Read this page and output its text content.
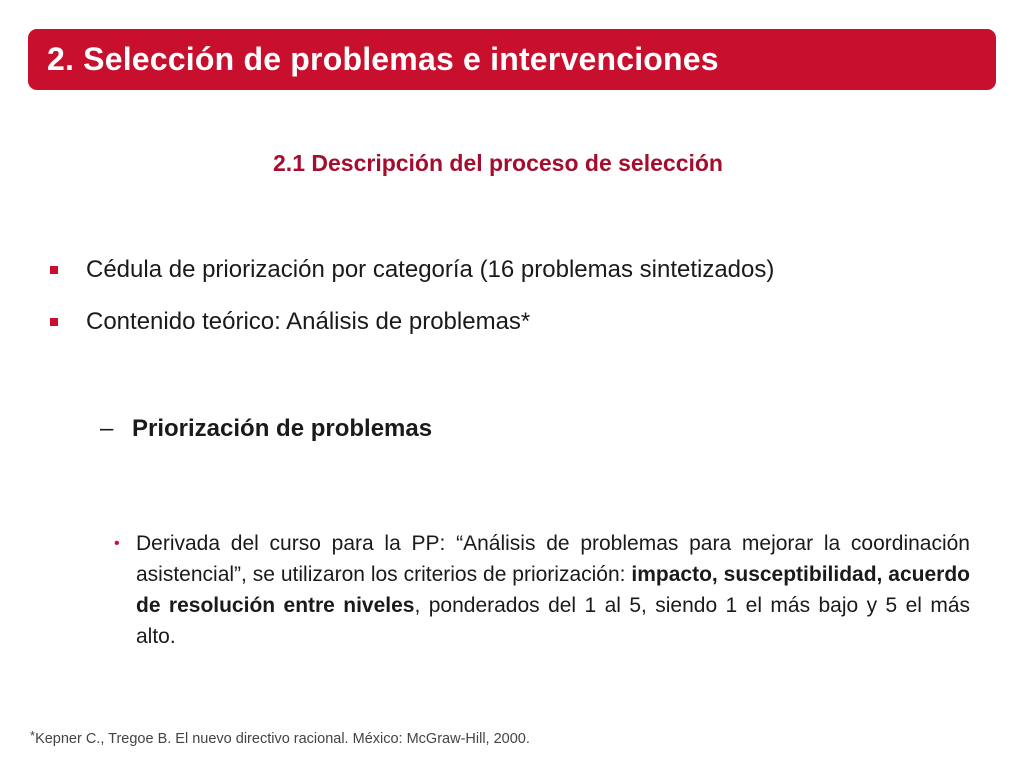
2. Selección de problemas e intervenciones
2.1 Descripción del proceso de selección
Cédula de priorización por categoría (16 problemas sintetizados)
Contenido teórico: Análisis de problemas*
– Priorización de problemas
• Derivada del curso para la PP: “Análisis de problemas para mejorar la coordinación asistencial”, se utilizaron los criterios de priorización: impacto, susceptibilidad, acuerdo de resolución entre niveles, ponderados del 1 al 5, siendo 1 el más bajo y 5 el más alto.
*Kepner C., Tregoe B. El nuevo directivo racional. México: McGraw-Hill, 2000.
